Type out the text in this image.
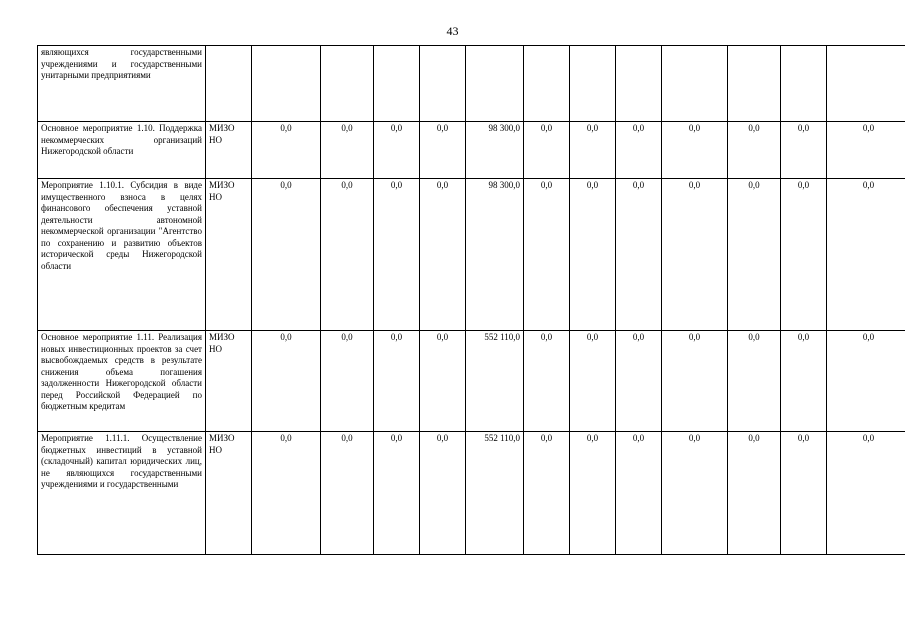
43
являющихся государственными учреждениями и государственными унитарными предприятиями													
Основное мероприятие 1.10. Поддержка некоммерческих организаций Нижегородской области	МИЗО НО	0,0	0,0	0,0	0,0	98 300,0	0,0	0,0	0,0	0,0	0,0	0,0	0,0
Мероприятие 1.10.1. Субсидия в виде имущественного взноса в целях финансового обеспечения уставной деятельности автономной некоммерческой организации "Агентство по сохранению и развитию объектов исторической среды Нижегородской области	МИЗО НО	0,0	0,0	0,0	0,0	98 300,0	0,0	0,0	0,0	0,0	0,0	0,0	0,0
Основное мероприятие 1.11. Реализация новых инвестиционных проектов за счет высвобождаемых средств в результате снижения объема погашения задолженности Нижегородской области перед Российской Федерацией по бюджетным кредитам	МИЗО НО	0,0	0,0	0,0	0,0	552 110,0	0,0	0,0	0,0	0,0	0,0	0,0	0,0
Мероприятие 1.11.1. Осуществление бюджетных инвестиций в уставной (складочный) капитал юридических лиц, не являющихся государственными учреждениями и государственными	МИЗО НО	0,0	0,0	0,0	0,0	552 110,0	0,0	0,0	0,0	0,0	0,0	0,0	0,0
